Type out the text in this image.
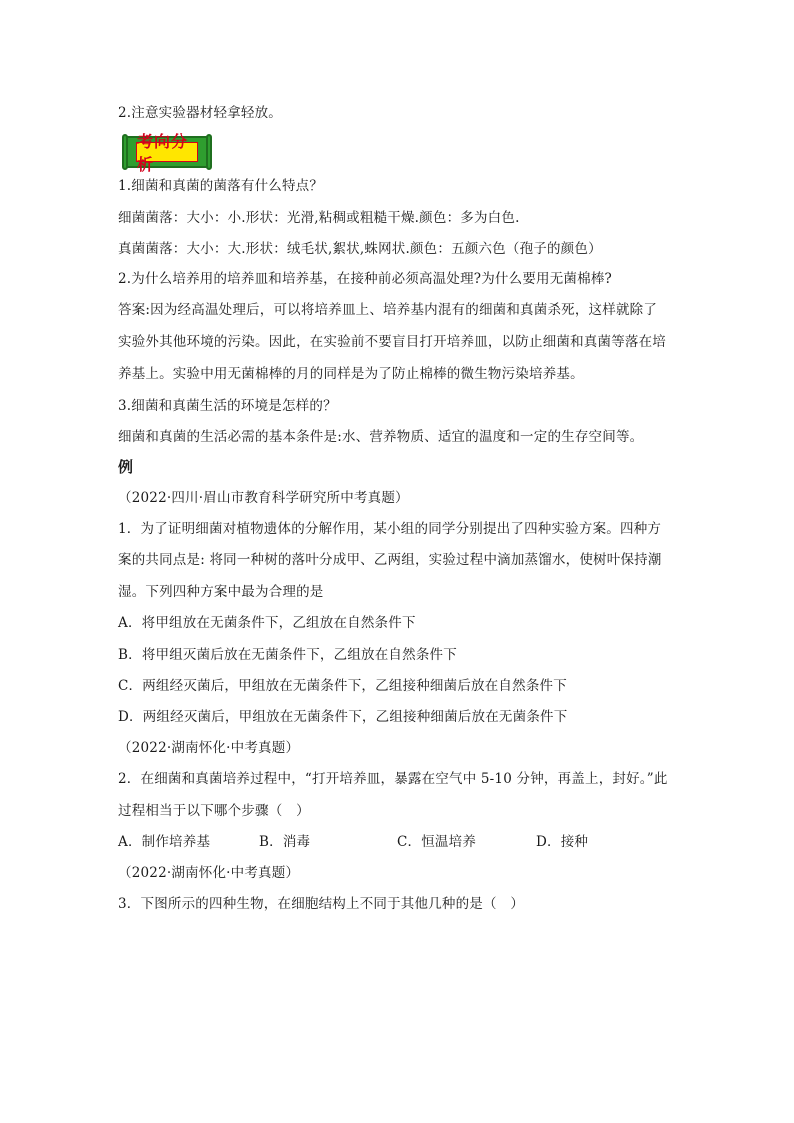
2.注意实验器材轻拿轻放。
考向分析
1.细菌和真菌的菌落有什么特点？
细菌菌落：大小：小.形状：光滑,粘稠或粗糙干燥.颜色：多为白色.
真菌菌落：大小：大.形状：绒毛状,絮状,蛛网状.颜色：五颜六色（孢子的颜色）
2.为什么培养用的培养皿和培养基，在接种前必须高温处理?为什么要用无菌棉棒?
答案:因为经高温处理后，可以将培养皿上、培养基内混有的细菌和真菌杀死，这样就除了
实验外其他环境的污染。因此，在实验前不要盲目打开培养皿，以防止细菌和真菌等落在培
养基上。实验中用无菌棉棒的月的同样是为了防止棉棒的微生物污染培养基。
3.细菌和真菌生活的环境是怎样的？
细菌和真菌的生活必需的基本条件是:水、营养物质、适宜的温度和一定的生存空间等。
例
（2022·四川·眉山市教育科学研究所中考真题）
1．为了证明细菌对植物遗体的分解作用，某小组的同学分别提出了四种实验方案。四种方
案的共同点是: 将同一种树的落叶分成甲、乙两组，实验过程中滴加蒸馏水，使树叶保持潮
湿。下列四种方案中最为合理的是
A．将甲组放在无菌条件下，乙组放在自然条件下
B．将甲组灭菌后放在无菌条件下，乙组放在自然条件下
C．两组经灭菌后，甲组放在无菌条件下，乙组接种细菌后放在自然条件下
D．两组经灭菌后，甲组放在无菌条件下，乙组接种细菌后放在无菌条件下
（2022·湖南怀化·中考真题）
2．在细菌和真菌培养过程中，“打开培养皿，暴露在空气中 5-10 分钟，再盖上，封好。”此
过程相当于以下哪个步骤（　）
A．制作培养基	B．消毒	C．恒温培养	D．接种
（2022·湖南怀化·中考真题）
3．下图所示的四种生物，在细胞结构上不同于其他几种的是（　）
